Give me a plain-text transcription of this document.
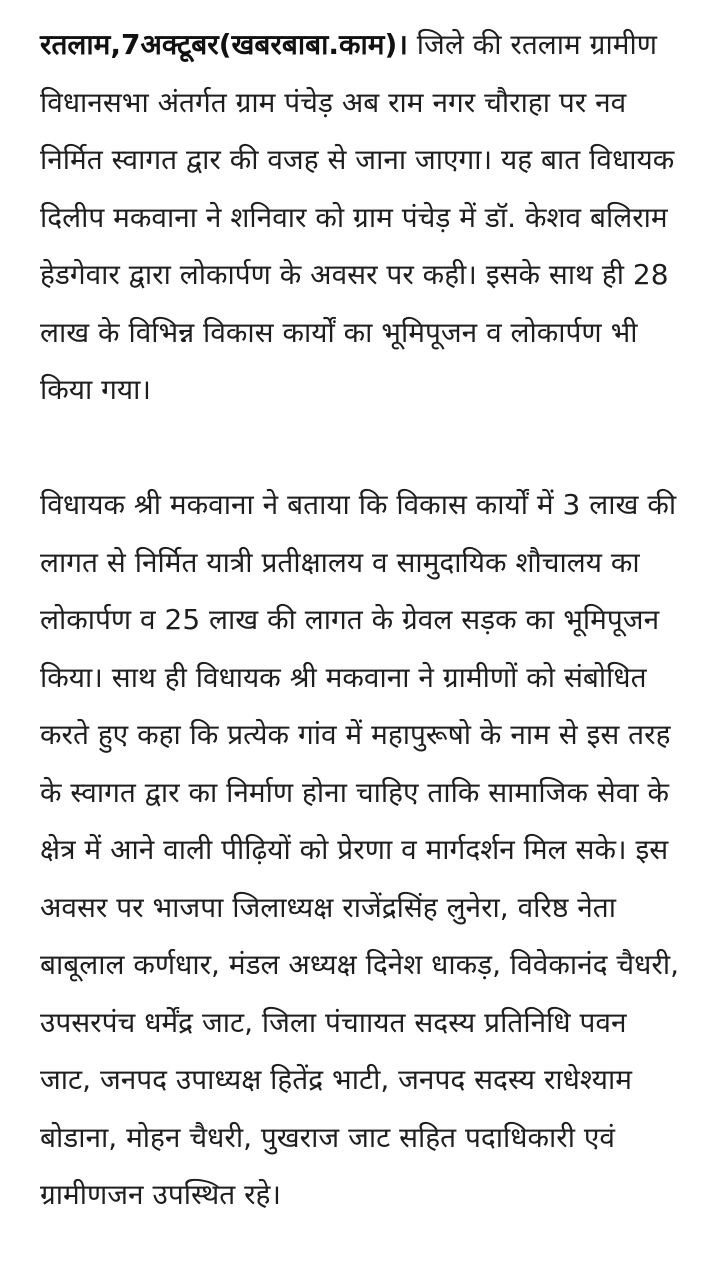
रतलाम,7अक्टूबर(खबरबाबा.काम)। जिले की रतलाम ग्रामीण विधानसभा अंतर्गत ग्राम पंचेड़ अब राम नगर चौराहा पर नव निर्मित स्वागत द्वार की वजह से जाना जाएगा। यह बात विधायक दिलीप मकवाना ने शनिवार को ग्राम पंचेड़ में डॉ. केशव बलिराम हेडगेवार द्वारा लोकार्पण के अवसर पर कही। इसके साथ ही 28 लाख के विभिन्न विकास कार्यों का भूमिपूजन व लोकार्पण भी किया गया।

विधायक श्री मकवाना ने बताया कि विकास कार्यों में 3 लाख की लागत से निर्मित यात्री प्रतीक्षालय व सामुदायिक शौचालय का लोकार्पण व 25 लाख की लागत के ग्रेवल सड़क का भूमिपूजन किया। साथ ही विधायक श्री मकवाना ने ग्रामीणों को संबोधित करते हुए कहा कि प्रत्येक गांव में महापुरूषो के नाम से इस तरह के स्वागत द्वार का निर्माण होना चाहिए ताकि सामाजिक सेवा के क्षेत्र में आने वाली पीढ़ियों को प्रेरणा व मार्गदर्शन मिल सके। इस अवसर पर भाजपा जिलाध्यक्ष राजेंद्रसिंह लुनेरा, वरिष्ठ नेता बाबूलाल कर्णधार, मंडल अध्यक्ष दिनेश धाकड़, विवेकानंद चैधरी, उपसरपंच धर्मेंद्र जाट, जिला पंचाायत सदस्य प्रतिनिधि पवन जाट, जनपद उपाध्यक्ष हितेंद्र भाटी, जनपद सदस्य राधेश्याम बोडाना, मोहन चैधरी, पुखराज जाट सहित पदाधिकारी एवं ग्रामीणजन उपस्थित रहे।
